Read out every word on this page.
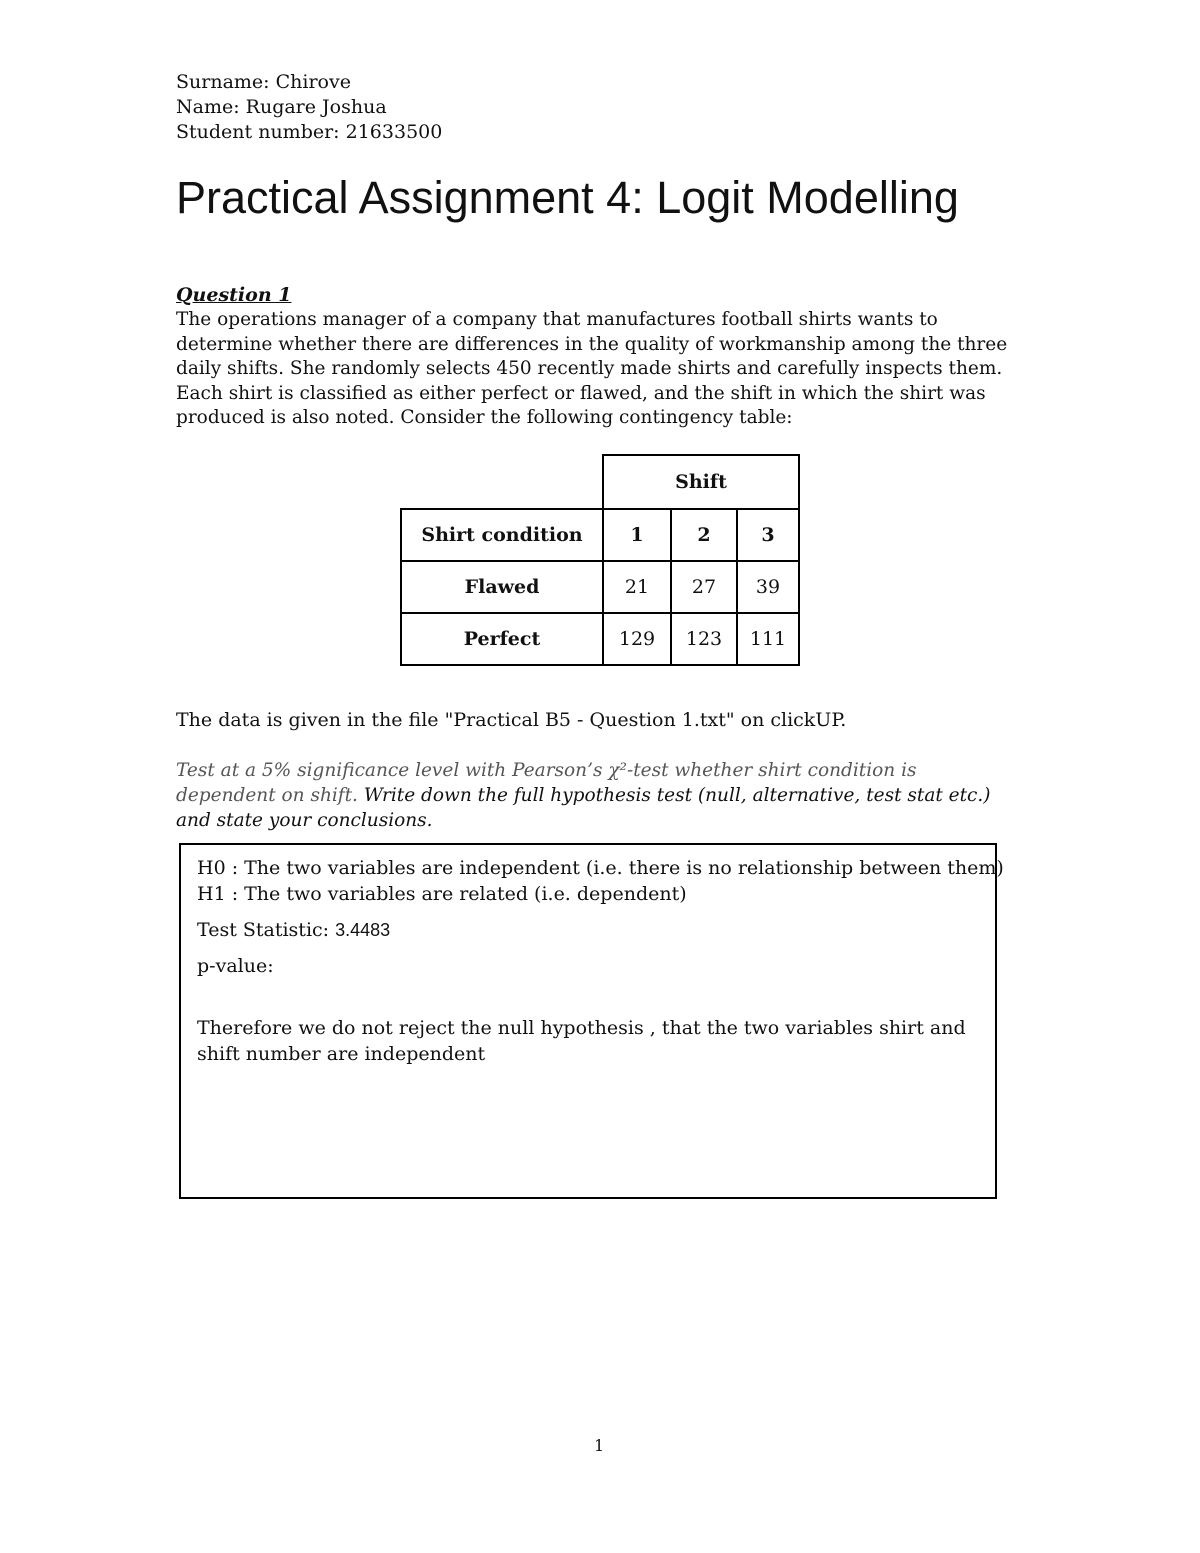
Surname: Chirove
Name: Rugare Joshua
Student number: 21633500
Practical Assignment 4: Logit Modelling
Question 1
The operations manager of a company that manufactures football shirts wants to
determine whether there are differences in the quality of workmanship among the three
daily shifts. She randomly selects 450 recently made shirts and carefully inspects them.
Each shirt is classified as either perfect or flawed, and the shift in which the shirt was
produced is also noted. Consider the following contingency table:
	Shift		
Shirt condition	1	2	3
Flawed	21	27	39
Perfect	129	123	111
The data is given in the file "Practical B5 - Question 1.txt" on clickUP.
Test at a 5% significance level with Pearson’s χ²-test whether shirt condition is
dependent on shift. Write down the full hypothesis test (null, alternative, test stat etc.)
and state your conclusions.
H0 : The two variables are independent (i.e. there is no relationship between them)
H1 : The two variables are related (i.e. dependent)
Test Statistic: 3.4483
p-value:
Therefore we do not reject the null hypothesis , that the two variables shirt and
shift number are independent
1
